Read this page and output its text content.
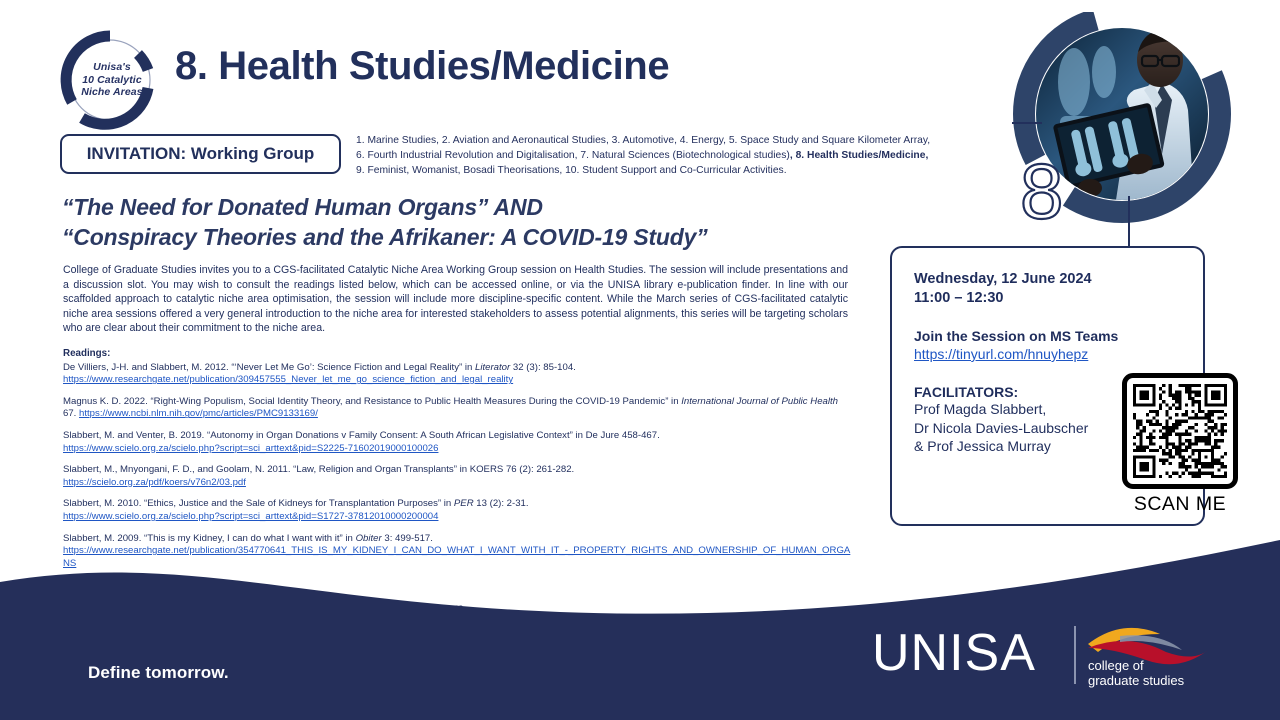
8
Unisa's
10 Catalytic
Niche Areas
8. Health Studies/Medicine
INVITATION: Working Group
1. Marine Studies, 2. Aviation and Aeronautical Studies, 3. Automotive, 4. Energy, 5. Space Study and Square Kilometer Array,
6. Fourth Industrial Revolution and Digitalisation, 7. Natural Sciences (Biotechnological studies), 8. Health Studies/Medicine,
9. Feminist, Womanist, Bosadi Theorisations, 10. Student Support and Co-Curricular Activities.
“The Need for Donated Human Organs” AND
“Conspiracy Theories and the Afrikaner: A COVID-19 Study”

College of Graduate Studies invites you to a CGS-facilitated Catalytic Niche Area Working Group session on Health Studies. The session will include presentations and a discussion slot. You may wish to consult the readings listed below, which can be accessed online, or via the UNISA library e-publication finder. In line with our scaffolded approach to catalytic niche area optimisation, the session will include more discipline-specific content. While the March series of CGS-facilitated catalytic niche area sessions offered a very general introduction to the niche area for interested stakeholders to assess potential alignments, this series will be targeting scholars who are clear about their commitment to the niche area.

Readings:
De Villiers, J-H. and Slabbert, M. 2012. “‘Never Let Me Go’: Science Fiction and Legal Reality” in Literator 32 (3): 85-104.
https://www.researchgate.net/publication/309457555_Never_let_me_go_science_fiction_and_legal_reality
Magnus K. D. 2022. “Right-Wing Populism, Social Identity Theory, and Resistance to Public Health Measures During the COVID-19 Pandemic” in International Journal of Public Health 67. https://www.ncbi.nlm.nih.gov/pmc/articles/PMC9133169/
Slabbert, M. and Venter, B. 2019. “Autonomy in Organ Donations v Family Consent: A South African Legislative Context” in De Jure 458-467.
https://www.scielo.org.za/scielo.php?script=sci_arttext&pid=S2225-71602019000100026
Slabbert, M., Mnyongani, F. D., and Goolam, N. 2011. “Law, Religion and Organ Transplants” in KOERS 76 (2): 261-282.
https://scielo.org.za/pdf/koers/v76n2/03.pdf
Slabbert, M. 2010. “Ethics, Justice and the Sale of Kidneys for Transplantation Purposes” in PER 13 (2): 2-31.
https://www.scielo.org.za/scielo.php?script=sci_arttext&pid=S1727-37812010000200004
Slabbert, M. 2009. “This is my Kidney, I can do what I want with it” in Obiter 3: 499-517.
https://www.researchgate.net/publication/354770641_THIS_IS_MY_KIDNEY_I_CAN_DO_WHAT_I_WANT_WITH_IT_-_PROPERTY_RIGHTS_AND_OWNERSHIP_OF_HUMAN_ORGANS
Wednesday, 12 June 2024
11:00 – 12:30
Join the Session on MS Teams
https://tinyurl.com/hnuyhepz
FACILITATORS:
Prof Magda Slabbert,
Dr Nicola Davies-Laubscher
& Prof Jessica Murray
SCAN ME
Define tomorrow.	UNISA	college of
graduate studies
